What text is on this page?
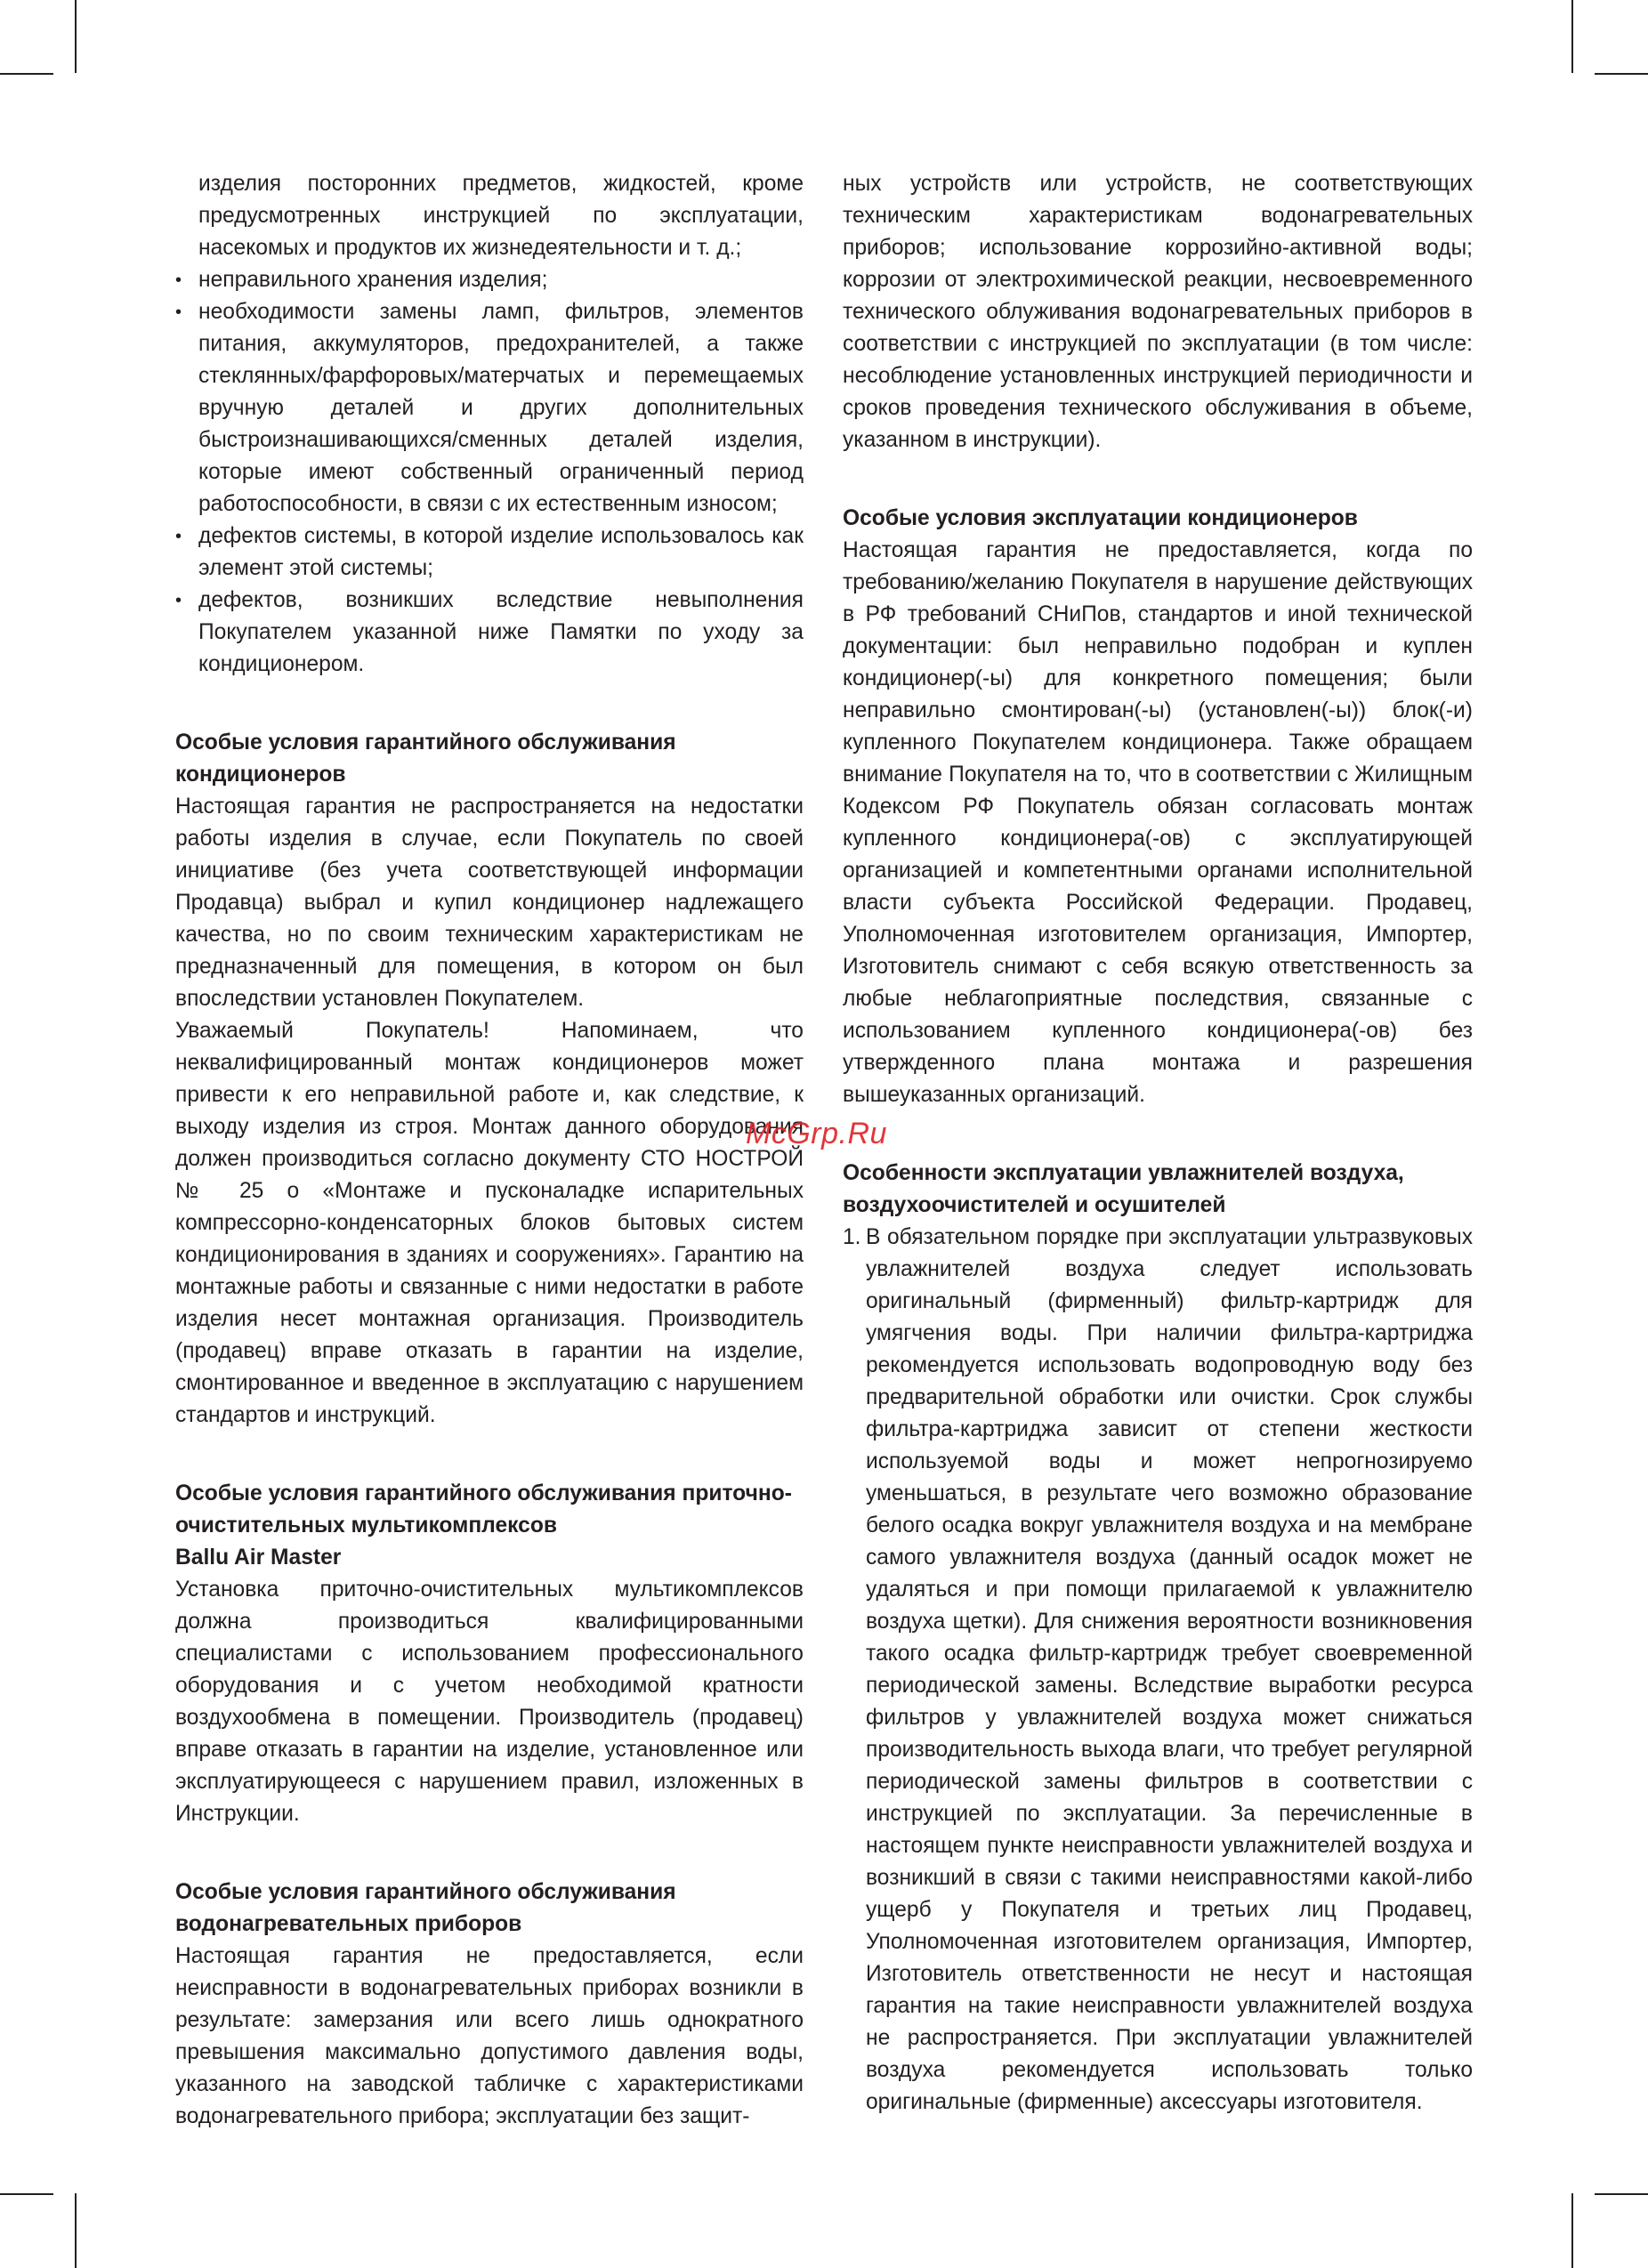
изделия посторонних предметов, жидкостей, кроме предусмотренных инструкцией по эксплуатации, насекомых и продуктов их жизнедеятельности и т. д.;

• неправильного хранения изделия;
• необходимости замены ламп, фильтров, элементов питания, аккумуляторов, предохранителей, а также стеклянных/фарфоровых/матерчатых и перемещаемых вручную деталей и других дополнительных быстроизнашивающихся/сменных деталей изделия, которые имеют собственный ограниченный период работоспособности, в связи с их естественным износом;
• дефектов системы, в которой изделие использовалось как элемент этой системы;
• дефектов, возникших вследствие невыполнения Покупателем указанной ниже Памятки по уходу за кондиционером.
Особые условия гарантийного обслуживания кондиционеров

Настоящая гарантия не распространяется на недостатки работы изделия в случае, если Покупатель по своей инициативе (без учета соответствующей информации Продавца) выбрал и купил кондиционер надлежащего качества, но по своим техническим характеристикам не предназначенный для помещения, в котором он был впоследствии установлен Покупателем.

Уважаемый Покупатель! Напоминаем, что неквалифицированный монтаж кондиционеров может привести к его неправильной работе и, как следствие, к выходу изделия из строя. Монтаж данного оборудования должен производиться согласно документу СТО НОСТРОЙ № 25 о «Монтаже и пусконаладке испарительных компрессорно-конденсаторных блоков бытовых систем кондиционирования в зданиях и сооружениях». Гарантию на монтажные работы и связанные с ними недостатки в работе изделия несет монтажная организация. Производитель (продавец) вправе отказать в гарантии на изделие, смонтированное и введенное в эксплуатацию с нарушением стандартов и инструкций.

Особые условия гарантийного обслуживания приточно-очистительных мультикомплексов
Ballu Air Master

Установка приточно-очистительных мультикомплексов должна производиться квалифицированными специалистами с использованием профессионального оборудования и с учетом необходимой кратности воздухообмена в помещении. Производитель (продавец) вправе отказать в гарантии на изделие, установленное или эксплуатирующееся с нарушением правил, изложенных в Инструкции.

Особые условия гарантийного обслуживания водонагревательных приборов

Настоящая гарантия не предоставляется, если неисправности в водонагревательных приборах возникли в результате: замерзания или всего лишь однократного превышения максимально допустимого давления воды, указанного на заводской табличке с характеристиками водонагревательного прибора; эксплуатации без защит-

ных устройств или устройств, не соответствующих техническим характеристикам водонагревательных приборов; использование коррозийно-активной воды; коррозии от электрохимической реакции, несвоевременного технического облуживания водонагревательных приборов в соответствии с инструкцией по эксплуатации (в том числе: несоблюдение установленных инструкцией периодичности и сроков проведения технического обслуживания в объеме, указанном в инструкции).

Особые условия эксплуатации кондиционеров

Настоящая гарантия не предоставляется, когда по требованию/желанию Покупателя в нарушение действующих в РФ требований СНиПов, стандартов и иной технической документации: был неправильно подобран и куплен кондиционер(-ы) для конкретного помещения; были неправильно смонтирован(-ы) (установлен(-ы)) блок(-и) купленного Покупателем кондиционера. Также обращаем внимание Покупателя на то, что в соответствии с Жилищным Кодексом РФ Покупатель обязан согласовать монтаж купленного кондиционера(-ов) с эксплуатирующей организацией и компетентными органами исполнительной власти субъекта Российской Федерации. Продавец, Уполномоченная изготовителем организация, Импортер, Изготовитель снимают с себя всякую ответственность за любые неблагоприятные последствия, связанные с использованием купленного кондиционера(-ов) без утвержденного плана монтажа и разрешения вышеуказанных организаций.

Особенности эксплуатации увлажнителей воздуха, воздухоочистителей и осушителей
1. В обязательном порядке при эксплуатации ультразвуковых увлажнителей воздуха следует использовать оригинальный (фирменный) фильтр-картридж для умягчения воды. При наличии фильтра-картриджа рекомендуется использовать водопроводную воду без предварительной обработки или очистки. Срок службы фильтра-картриджа зависит от степени жесткости используемой воды и может непрогнозируемо уменьшаться, в результате чего возможно образование белого осадка вокруг увлажнителя воздуха и на мембране самого увлажнителя воздуха (данный осадок может не удаляться и при помощи прилагаемой к увлажнителю воздуха щетки). Для снижения вероятности возникновения такого осадка фильтр-картридж требует своевременной периодической замены. Вследствие выработки ресурса фильтров у увлажнителей воздуха может снижаться производительность выхода влаги, что требует регулярной периодической замены фильтров в соответствии с инструкцией по эксплуатации. За перечисленные в настоящем пункте неисправности увлажнителей воздуха и возникший в связи с такими неисправностями какой-либо ущерб у Покупателя и третьих лиц Продавец, Уполномоченная изготовителем организация, Импортер, Изготовитель ответственности не несут и настоящая гарантия на такие неисправности увлажнителей воздуха не распространяется. При эксплуатации увлажнителей воздуха рекомендуется использовать только оригинальные (фирменные) аксессуары изготовителя.
McGrp.Ru
